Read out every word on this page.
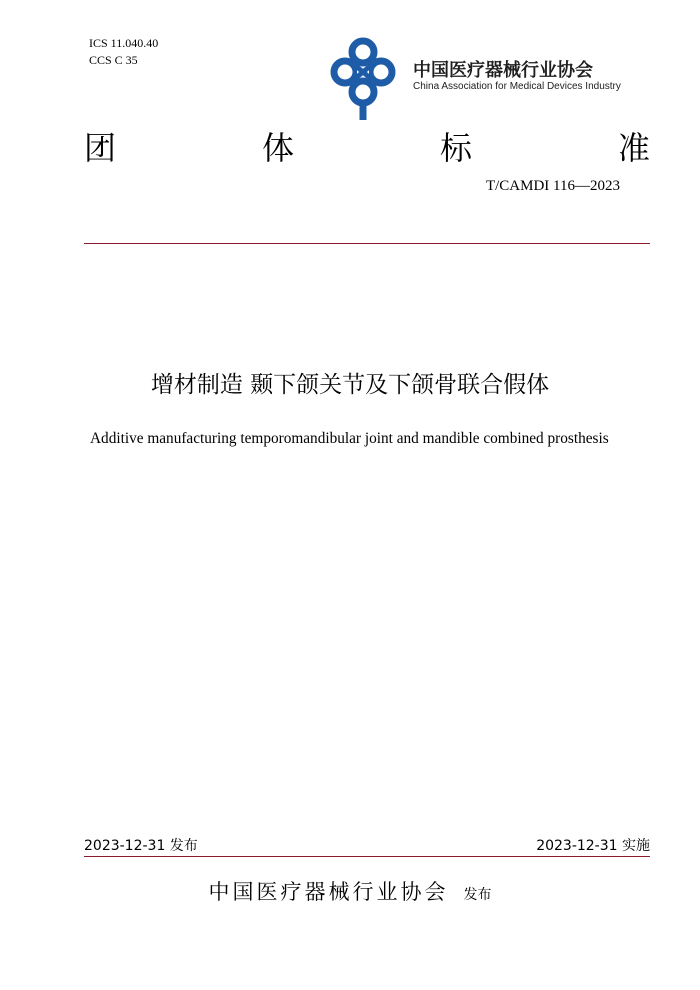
ICS 11.040.40
CCS C 35	中国医疗器械行业协会
China Association for Medical Devices Industry
团	体	标	准
T/CAMDI 116—2023
增材制造 颞下颌关节及下颌骨联合假体
Additive manufacturing temporomandibular joint and mandible combined prosthesis
2023-12-31 发布	2023-12-31 实施
中国医疗器械行业协会 发布
